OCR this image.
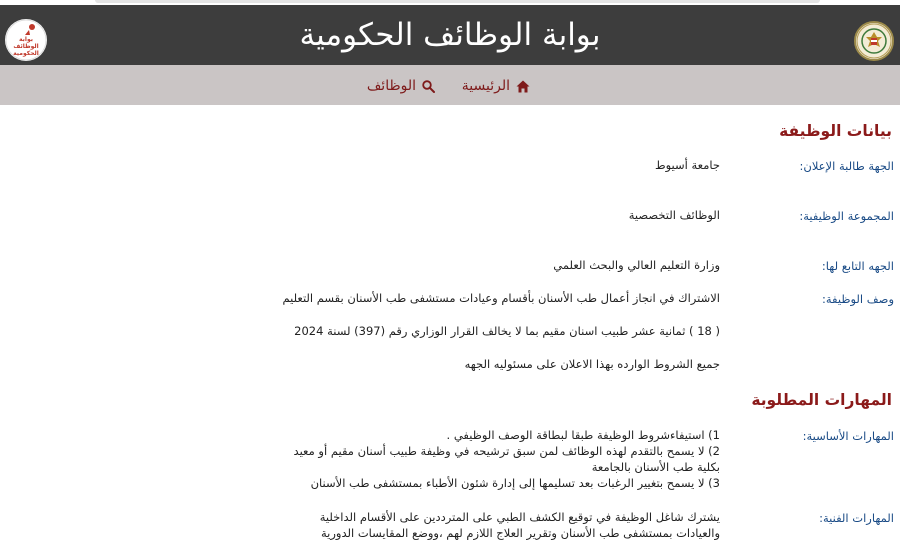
بوابة الوظائف الحكومية
بوابة
الوظائف
الحكومية
الرئيسية
الوظائف
بيانات الوظيفة
الجهة طالبة الإعلان:
جامعة أسيوط
المجموعة الوظيفية:
الوظائف التخصصية
الجهه التابع لها:
وزارة التعليم العالي والبحث العلمي
وصف الوظيفة:
الاشتراك في انجاز أعمال طب الأسنان بأقسام وعيادات مستشفى طب الأسنان بقسم التعليم
( 18 ) ثمانية عشر طبيب اسنان مقيم بما لا يخالف القرار الوزاري رقم (397) لسنة 2024
جميع الشروط الوارده بهذا الاعلان على مسئوليه الجهه
المهارات المطلوبة
المهارات الأساسية:
1) استيفاءشروط الوظيفة طبقا لبطاقة الوصف الوظيفي .
2) لا يسمح بالتقدم لهذه الوظائف لمن سبق ترشيحه في وظيفة طبيب أسنان مقيم أو معيد بكلية طب الأسنان بالجامعة
3) لا يسمح بتغيير الرغبات بعد تسليمها إلى إدارة شئون الأطباء بمستشفى طب الأسنان
المهارات الفنية:
يشترك شاغل الوظيفة في توقيع الكشف الطبي على المترددين على الأقسام الداخلية والعيادات بمستشفى طب الأسنان وتقرير العلاج اللازم لهم ،ووضع المقايسات الدورية
